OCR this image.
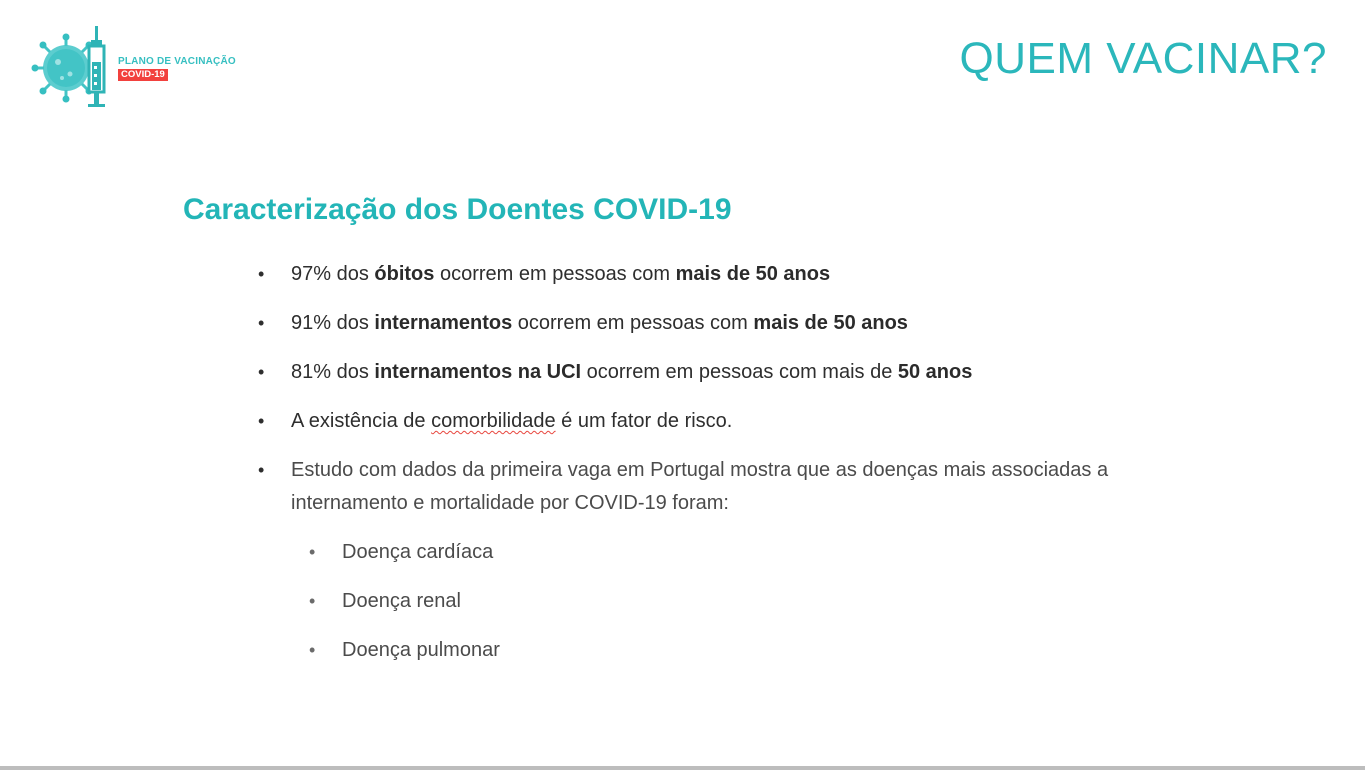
PLANO DE VACINAÇÃO
COVID-19	QUEM VACINAR?
Caracterização dos Doentes COVID-19
• 97% dos óbitos ocorrem em pessoas com mais de 50 anos
• 91% dos internamentos ocorrem em pessoas com mais de 50 anos
• 81% dos internamentos na UCI ocorrem em pessoas com mais de 50 anos
• A existência de comorbilidade é um fator de risco.
• Estudo com dados da primeira vaga em Portugal mostra que as doenças mais associadas a internamento e mortalidade por COVID-19 foram:
• Doença cardíaca
• Doença renal
• Doença pulmonar
